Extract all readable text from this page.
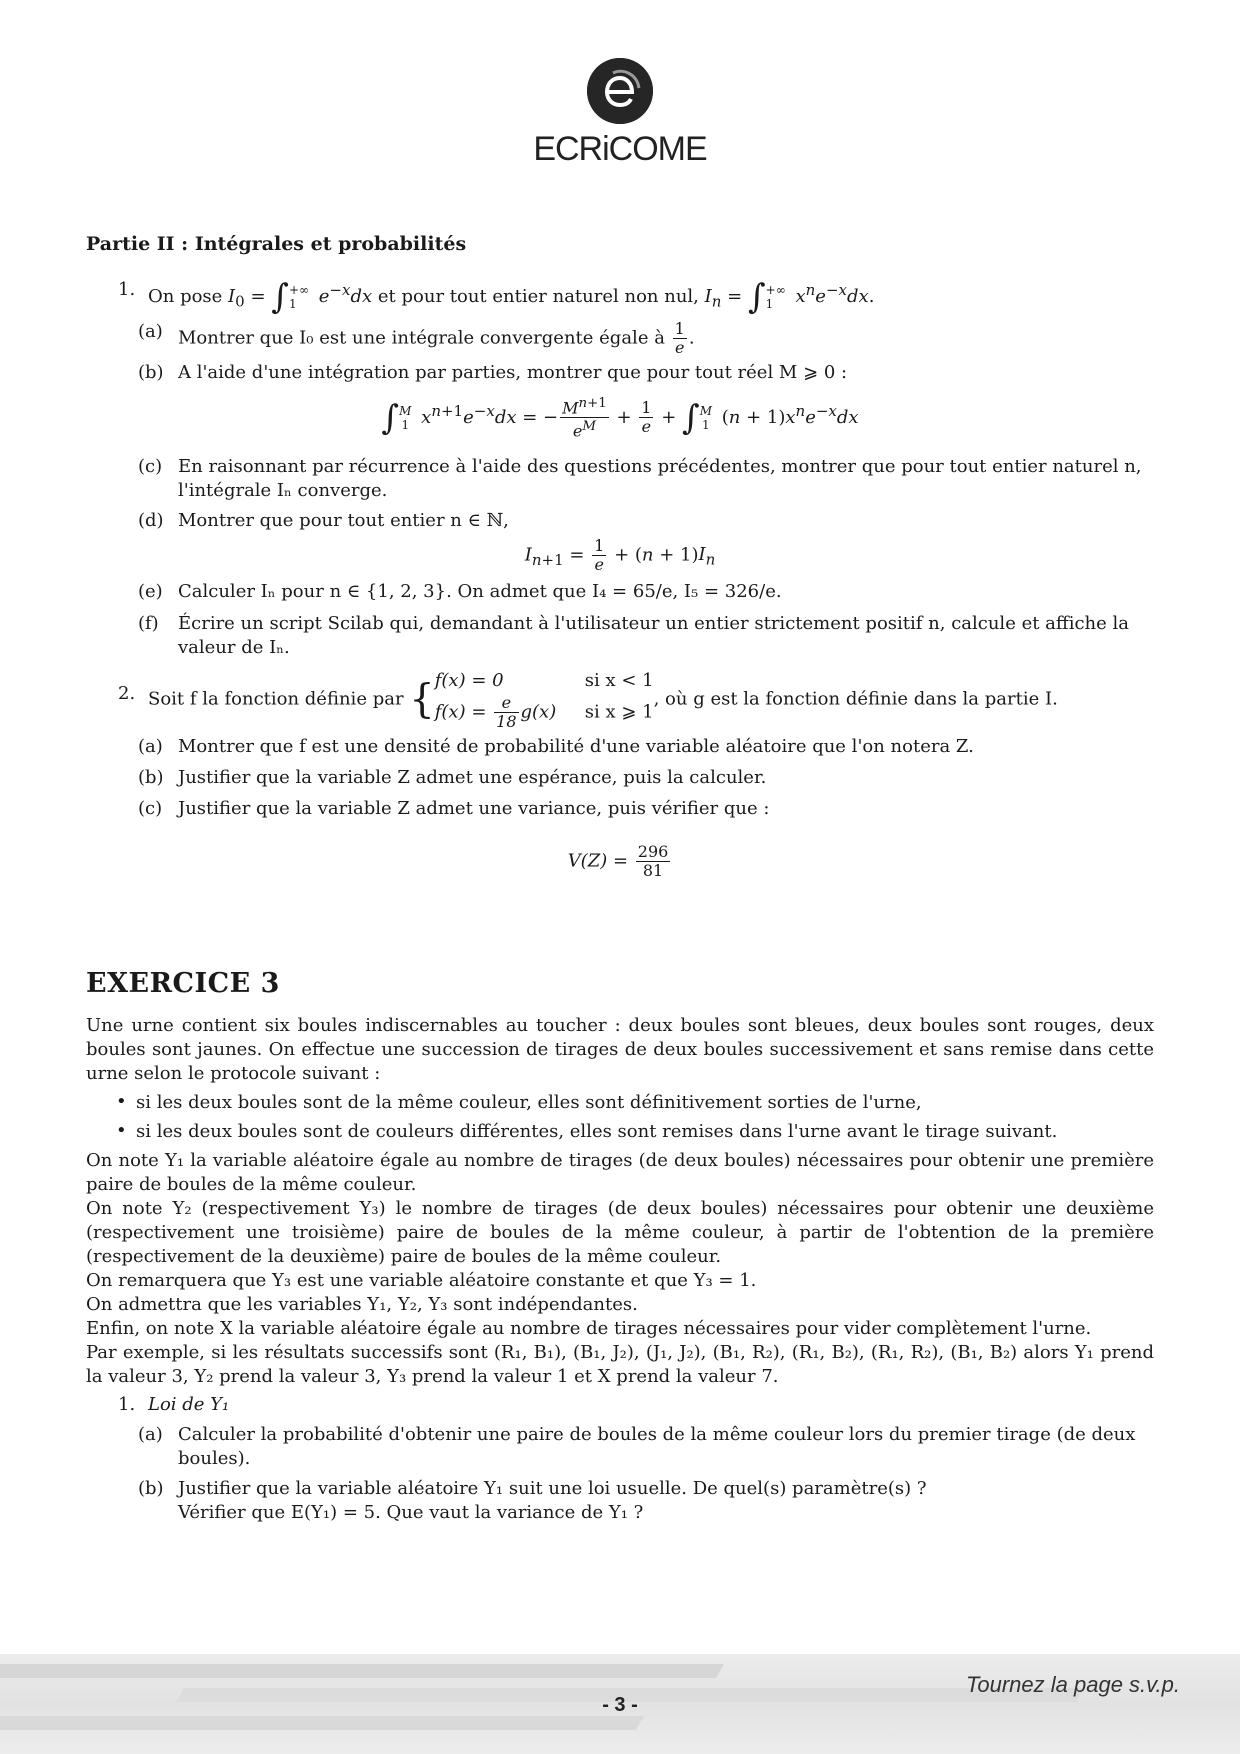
ECRiCOME

Partie II : Intégrales et probabilités

1. On pose $I_0$ = ∫ +∞
1	$e^{-x}dx$ et pour tout entier naturel non nul, $I_n$ = ∫ +∞
1	$x^ne^{-x}dx$.
(a) Montrer que I₀ est une intégrale convergente égale à $\frac{1}{e}$ .
(b) A l'aide d'une intégration par parties, montrer que pour tout réel M ⩾ 0 :
∫ M
1 $x^{n+1}e^{-x}dx$ = − $\frac{M^{n+1}}{e^M} + \frac{1}{e}$ + ∫ M
1 $(n + 1)x^ne^{-x}dx$
(c) En raisonnant par récurrence à l'aide des questions précédentes, montrer que pour tout entier naturel n, l'intégrale Iₙ converge.
(d) Montrer que pour tout entier n ∈ ℕ,
$I_{n+1} = \frac{1}{e} + (n + 1)I_n$
(e) Calculer Iₙ pour n ∈ {1, 2, 3}. On admet que I₄ = 65/e, I₅ = 326/e.
(f) Écrire un script Scilab qui, demandant à l'utilisateur un entier strictement positif n, calcule et affiche la valeur de Iₙ.
2. Soit f la fonction définie par { f(x) = 0	si x < 1
$f(x) = \frac{e}{18} g(x)$ si x ⩾ 1
, où g est la fonction définie dans la partie I.
(a) Montrer que f est une densité de probabilité d'une variable aléatoire que l'on notera Z.
(b) Justifier que la variable Z admet une espérance, puis la calculer.
(c) Justifier que la variable Z admet une variance, puis vérifier que :
$V(Z) = \frac{296}{81}$

EXERCICE 3

Une urne contient six boules indiscernables au toucher : deux boules sont bleues, deux boules sont rouges, deux boules sont jaunes. On effectue une succession de tirages de deux boules successivement et sans remise dans cette urne selon le protocole suivant :

• si les deux boules sont de la même couleur, elles sont définitivement sorties de l'urne,
• si les deux boules sont de couleurs différentes, elles sont remises dans l'urne avant le tirage suivant.

On note Y₁ la variable aléatoire égale au nombre de tirages (de deux boules) nécessaires pour obtenir une première paire de boules de la même couleur.

On note Y₂ (respectivement Y₃) le nombre de tirages (de deux boules) nécessaires pour obtenir une deuxième (respectivement une troisième) paire de boules de la même couleur, à partir de l'obtention de la première (respectivement de la deuxième) paire de boules de la même couleur.

On remarquera que Y₃ est une variable aléatoire constante et que Y₃ = 1.

On admettra que les variables Y₁, Y₂, Y₃ sont indépendantes.

Enfin, on note X la variable aléatoire égale au nombre de tirages nécessaires pour vider complètement l'urne.

Par exemple, si les résultats successifs sont (R₁, B₁), (B₁, J₂), (J₁, J₂), (B₁, R₂), (R₁, B₂), (R₁, R₂), (B₁, B₂) alors Y₁ prend la valeur 3, Y₂ prend la valeur 3, Y₃ prend la valeur 1 et X prend la valeur 7.

1. Loi de Y₁
(a) Calculer la probabilité d'obtenir une paire de boules de la même couleur lors du premier tirage (de deux boules).
(b) Justifier que la variable aléatoire Y₁ suit une loi usuelle. De quel(s) paramètre(s) ?
Vérifier que E(Y₁) = 5. Que vaut la variance de Y₁ ?
Tournez la page s.v.p.
- 3 -
